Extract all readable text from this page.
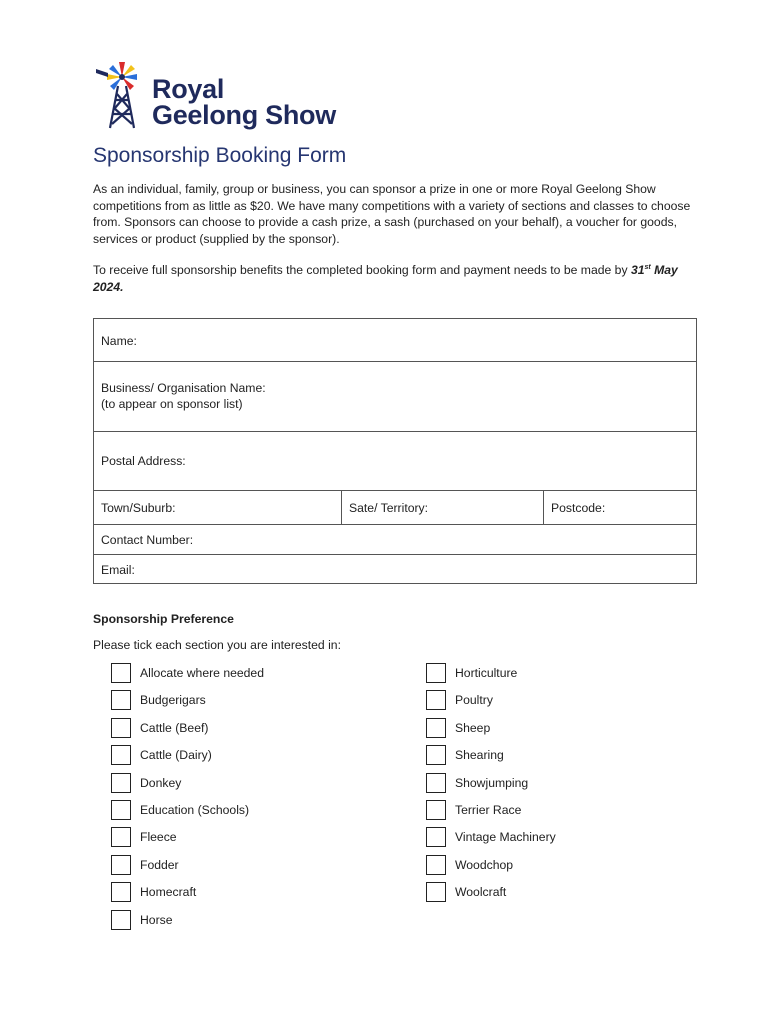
Royal
Geelong Show
Sponsorship Booking Form

As an individual, family, group or business, you can sponsor a prize in one or more Royal Geelong Show competitions from as little as $20. We have many competitions with a variety of sections and classes to choose from. Sponsors can choose to provide a cash prize, a sash (purchased on your behalf), a voucher for goods, services or product (supplied by the sponsor).

To receive full sponsorship benefits the completed booking form and payment needs to be made by 31st May 2024.

Name:
Business/ Organisation Name:
(to appear on sponsor list)
Postal Address:
Town/Suburb:	Sate/ Territory:	Postcode:
Contact Number:
Email:
Sponsorship Preference

Please tick each section you are interested in:

Allocate where needed
Budgerigars
Cattle (Beef)
Cattle (Dairy)
Donkey
Education (Schools)
Fleece
Fodder
Homecraft
Horse
Horticulture
Poultry
Sheep
Shearing
Showjumping
Terrier Race
Vintage Machinery
Woodchop
Woolcraft
